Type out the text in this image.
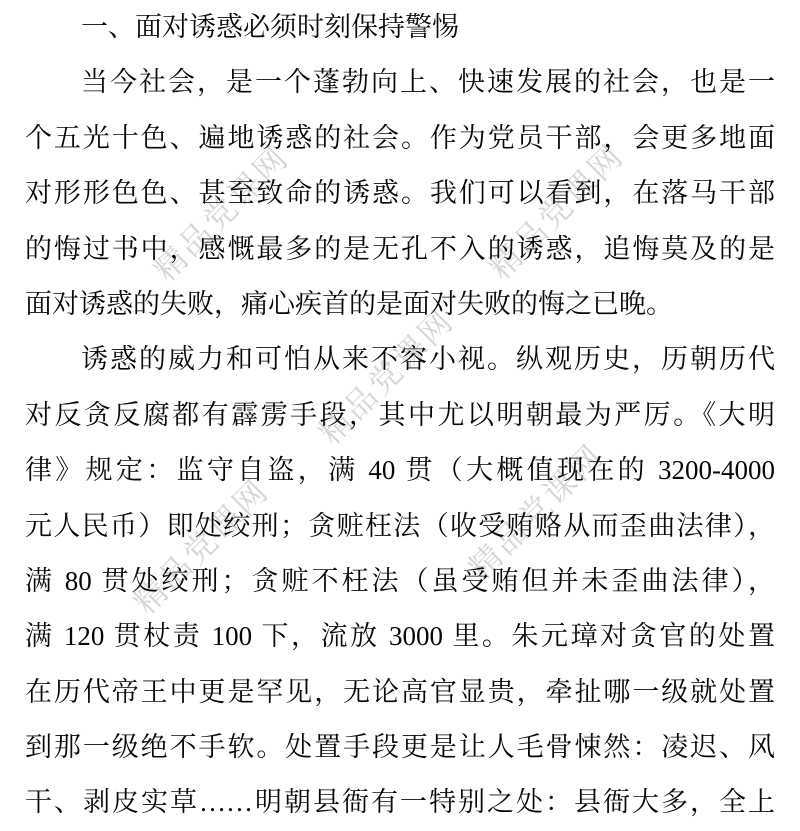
精品党课网	精品党课网
精品党课网
精品党课网	精品党课网
一、面对诱惑必须时刻保持警惕
当今社会，是一个蓬勃向上、快速发展的社会，也是一
个五光十色、遍地诱惑的社会。作为党员干部，会更多地面
对形形色色、甚至致命的诱惑。我们可以看到，在落马干部
的悔过书中，感慨最多的是无孔不入的诱惑，追悔莫及的是
面对诱惑的失败，痛心疾首的是面对失败的悔之已晚。
诱惑的威力和可怕从来不容小视。纵观历史，历朝历代
对反贪反腐都有霹雳手段，其中尤以明朝最为严厉。《大明
律》规定：监守自盗，满 40 贯（大概值现在的 3200-4000
元人民币）即处绞刑；贪赃枉法（收受贿赂从而歪曲法律），
满 80 贯处绞刑；贪赃不枉法（虽受贿但并未歪曲法律），
满 120 贯杖责 100 下，流放 3000 里。朱元璋对贪官的处置
在历代帝王中更是罕见，无论高官显贵，牵扯哪一级就处置
到那一级绝不手软。处置手段更是让人毛骨悚然：凌迟、风
干、剥皮实草……明朝县衙有一特别之处：县衙大多，全上
